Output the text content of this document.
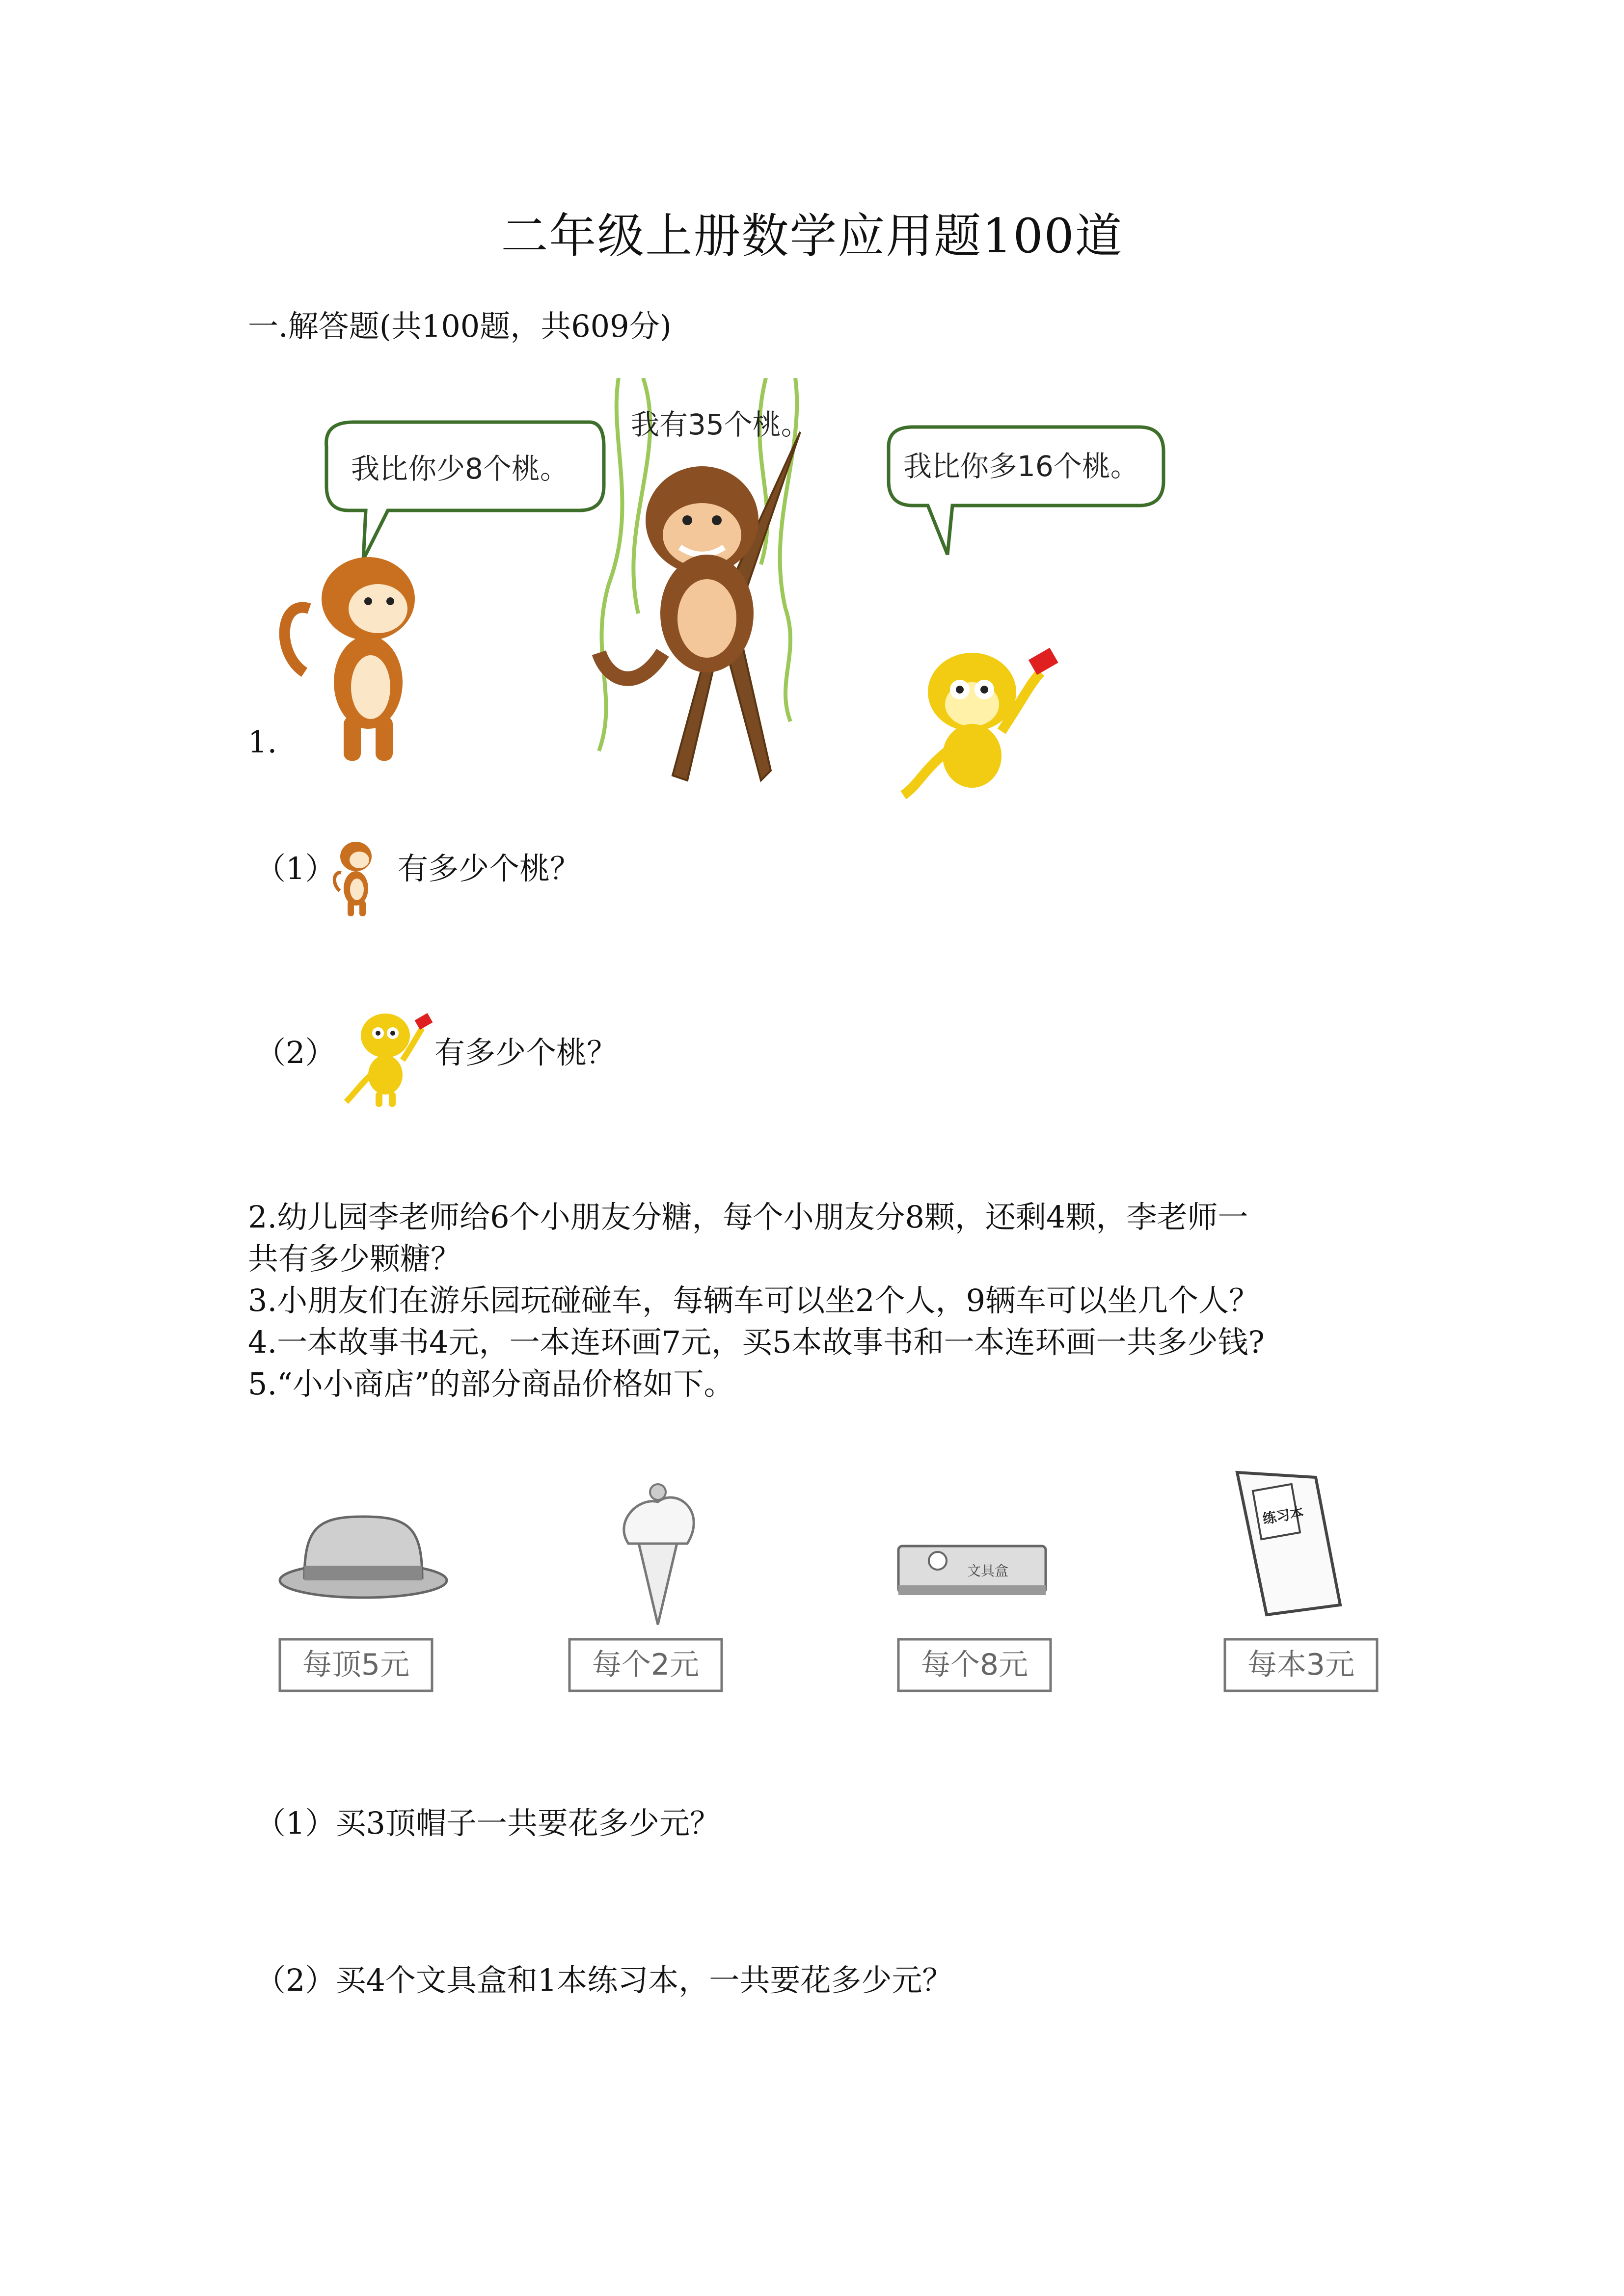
二年级上册数学应用题100道
一.解答题(共100题，共609分)
我比你少8个桃。
我有35个桃。
我比你多16个桃。
1.
（1） 有多少个桃？
（2）	有多少个桃？
2.幼儿园李老师给6个小朋友分糖，每个小朋友分8颗，还剩4颗，李老师一
共有多少颗糖？
3.小朋友们在游乐园玩碰碰车，每辆车可以坐2个人，9辆车可以坐几个人？
4.一本故事书4元，一本连环画7元，买5本故事书和一本连环画一共多少钱?
5.“小小商店”的部分商品价格如下。
文具盒
练习本
每顶5元	每个2元	每个8元	每本3元
（1）买3顶帽子一共要花多少元？
（2）买4个文具盒和1本练习本，一共要花多少元？
